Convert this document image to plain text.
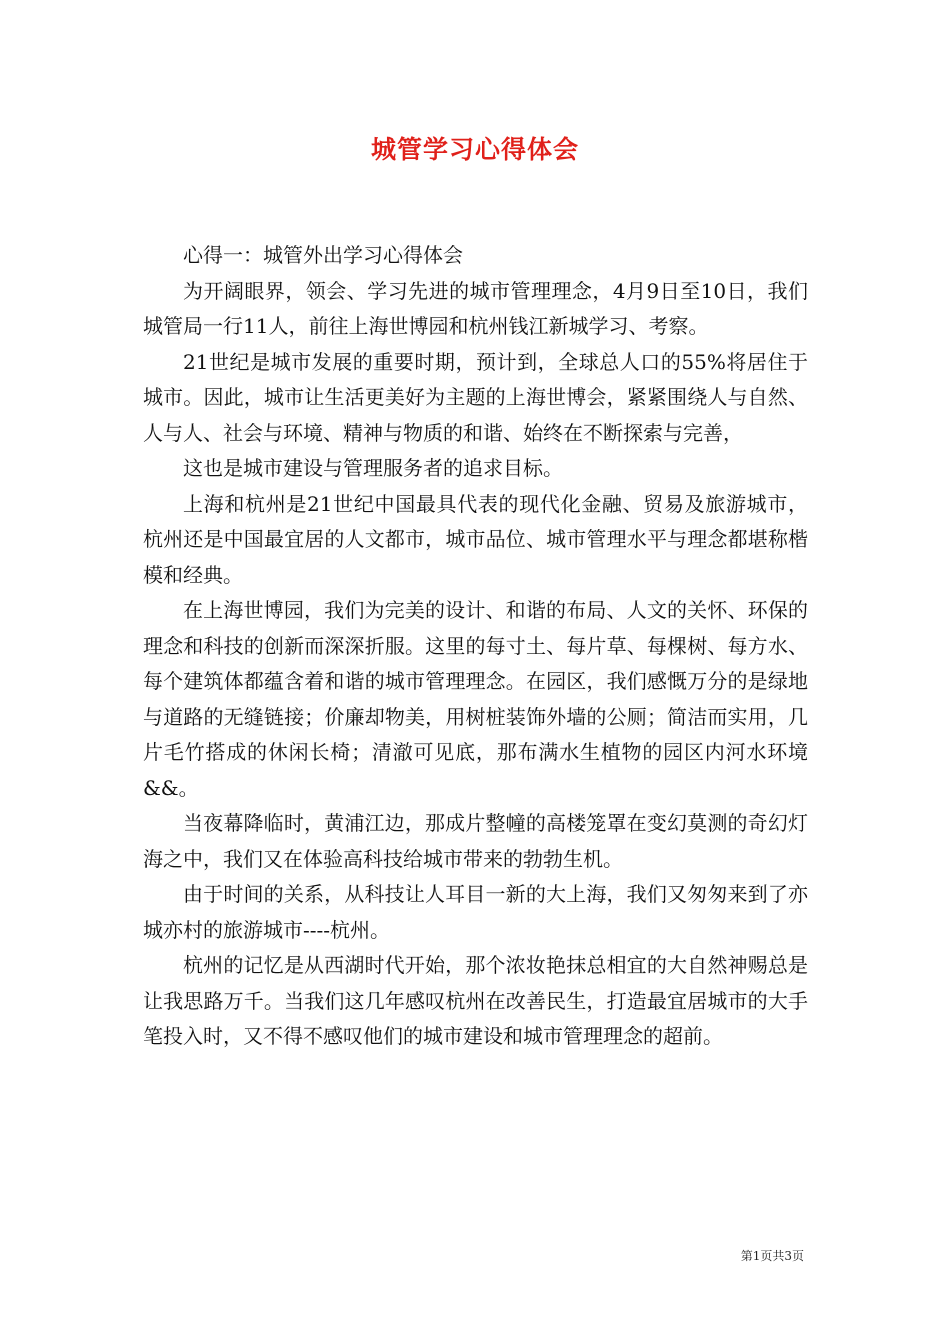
城管学习心得体会

心得一：城管外出学习心得体会

为开阔眼界，领会、学习先进的城市管理理念，4月9日至10日，我们城管局一行11人，前往上海世博园和杭州钱江新城学习、考察。

21世纪是城市发展的重要时期，预计到，全球总人口的55%将居住于城市。因此，城市让生活更美好为主题的上海世博会，紧紧围绕人与自然、人与人、社会与环境、精神与物质的和谐、始终在不断探索与完善，

这也是城市建设与管理服务者的追求目标。

上海和杭州是21世纪中国最具代表的现代化金融、贸易及旅游城市，杭州还是中国最宜居的人文都市，城市品位、城市管理水平与理念都堪称楷模和经典。

在上海世博园，我们为完美的设计、和谐的布局、人文的关怀、环保的理念和科技的创新而深深折服。这里的每寸土、每片草、每棵树、每方水、每个建筑体都蕴含着和谐的城市管理理念。在园区，我们感慨万分的是绿地与道路的无缝链接；价廉却物美，用树桩装饰外墙的公厕；简洁而实用，几片毛竹搭成的休闲长椅；清澈可见底，那布满水生植物的园区内河水环境&&。

当夜幕降临时，黄浦江边，那成片整幢的高楼笼罩在变幻莫测的奇幻灯海之中，我们又在体验高科技给城市带来的勃勃生机。

由于时间的关系，从科技让人耳目一新的大上海，我们又匆匆来到了亦城亦村的旅游城市----杭州。

杭州的记忆是从西湖时代开始，那个浓妆艳抹总相宜的大自然神赐总是让我思路万千。当我们这几年感叹杭州在改善民生，打造最宜居城市的大手笔投入时，又不得不感叹他们的城市建设和城市管理理念的超前。

第1页共3页
